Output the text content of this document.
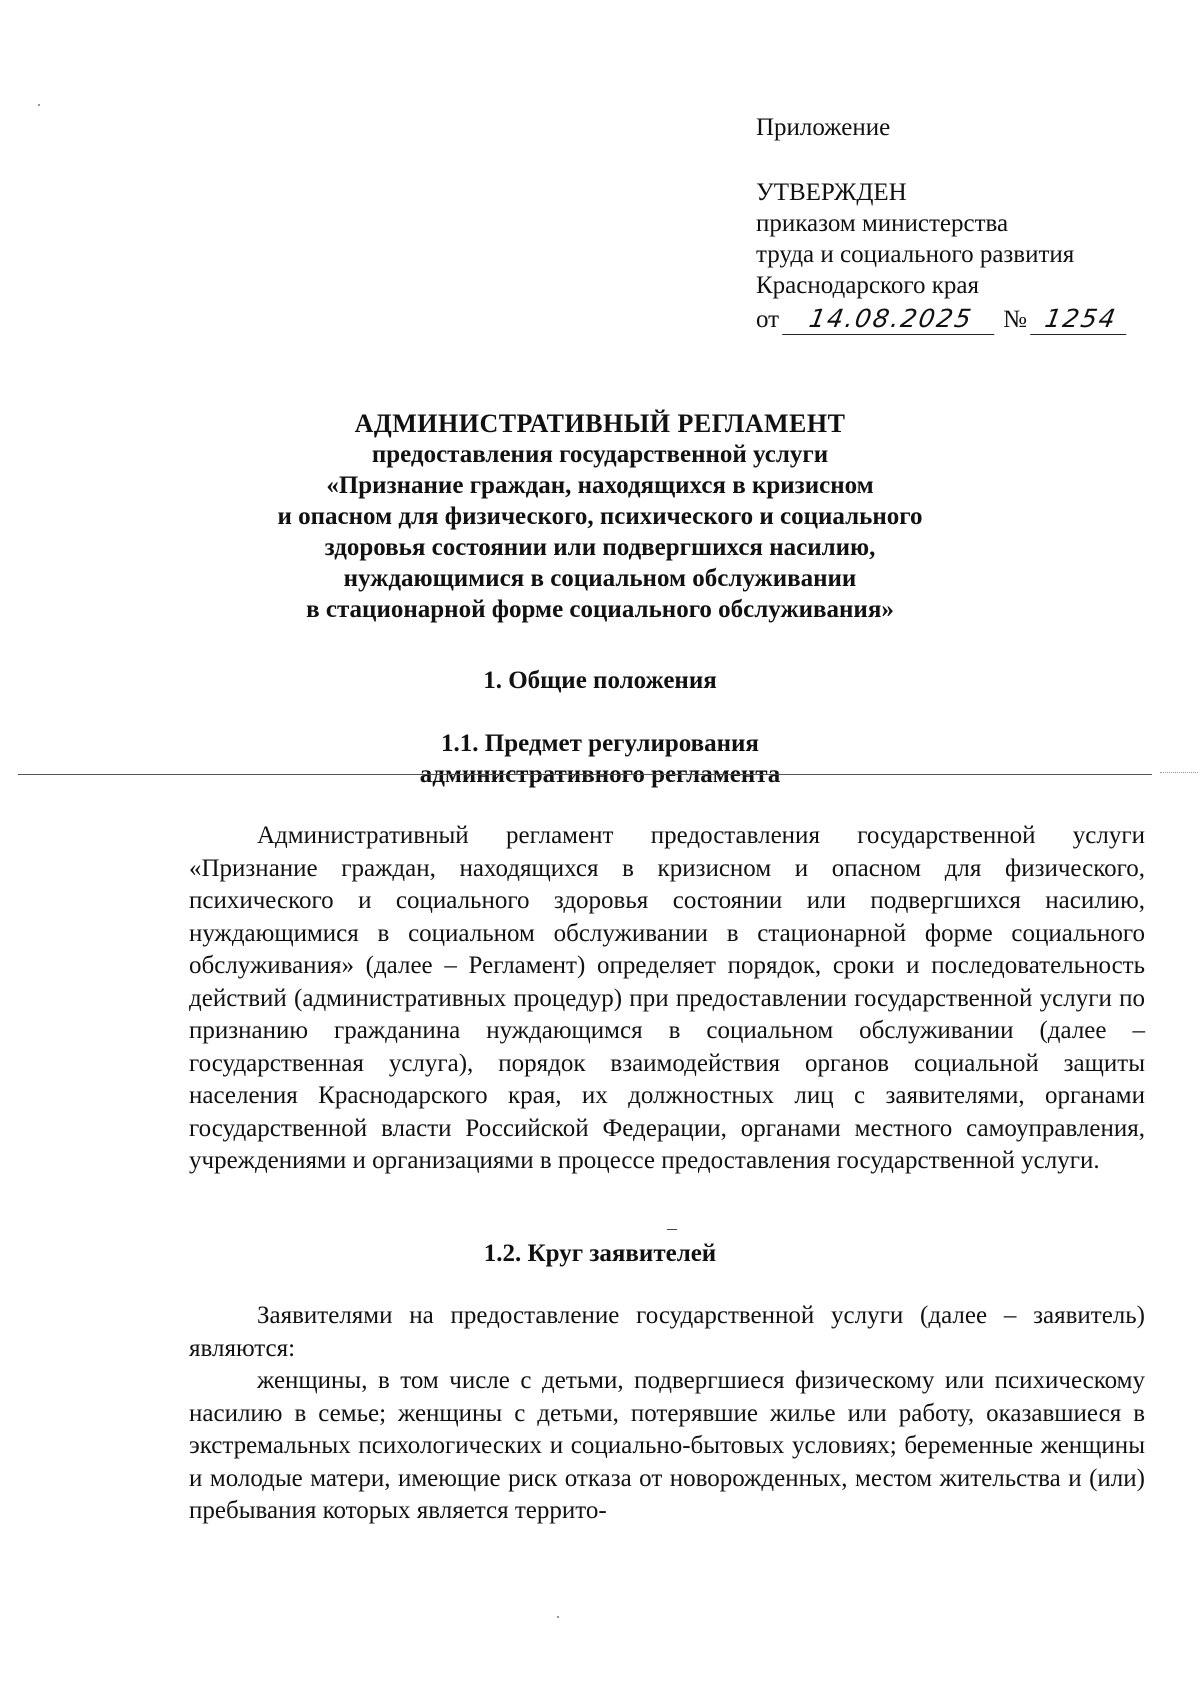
Приложение
УТВЕРЖДЕН
приказом министерства
труда и социального развития
Краснодарского края
от 14.08.2025 № 1254
АДМИНИСТРАТИВНЫЙ РЕГЛАМЕНТ
предоставления государственной услуги
«Признание граждан, находящихся в кризисном
и опасном для физического, психического и социального
здоровья состоянии или подвергшихся насилию,
нуждающимися в социальном обслуживании
в стационарной форме социального обслуживания»
1. Общие положения
1.1. Предмет регулирования
административного регламента

Административный регламент предоставления государственной услуги «Признание граждан, находящихся в кризисном и опасном для физического, психического и социального здоровья состоянии или подвергшихся насилию, нуждающимися в социальном обслуживании в стационарной форме социального обслуживания» (далее – Регламент) определяет порядок, сроки и последовательность действий (административных процедур) при предоставлении государственной услуги по признанию гражданина нуждающимся в социальном обслуживании (далее – государственная услуга), порядок взаимодействия органов социальной защиты населения Краснодарского края, их должностных лиц с заявителями, органами государственной власти Российской Федерации, органами местного самоуправления, учреждениями и организациями в процессе предоставления государственной услуги.

1.2. Круг заявителей

Заявителями на предоставление государственной услуги (далее – заявитель) являются:

женщины, в том числе с детьми, подвергшиеся физическому или психическому насилию в семье; женщины с детьми, потерявшие жилье или работу, оказавшиеся в экстремальных психологических и социально-бытовых условиях; беременные женщины и молодые матери, имеющие риск отказа от новорожденных, местом жительства и (или) пребывания которых является террито-
